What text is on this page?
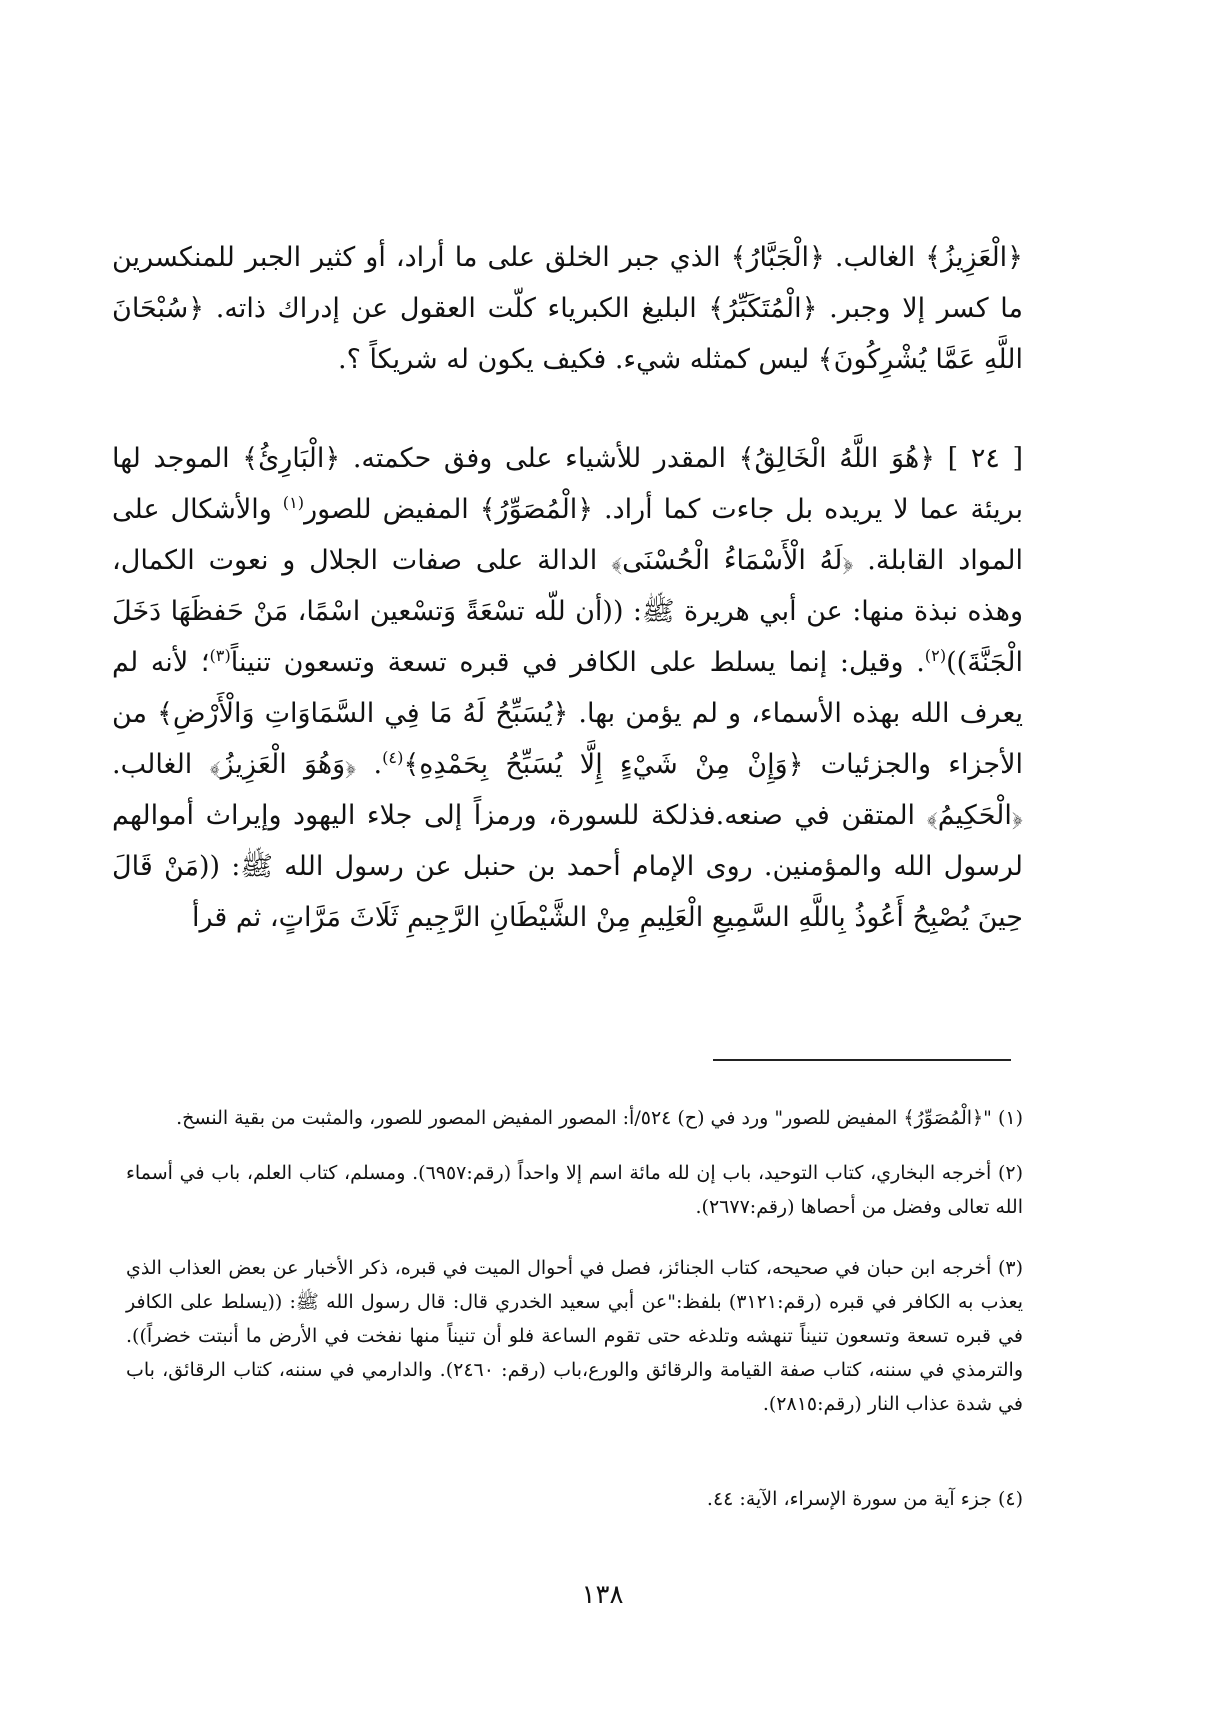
﴿الْعَزِيزُ﴾ الغالب. ﴿الْجَبَّارُ﴾ الذي جبر الخلق على ما أراد، أو كثير الجبر للمنكسرين ما كسر إلا وجبر. ﴿الْمُتَكَبِّرُ﴾ البليغ الكبرياء كلّت العقول عن إدراك ذاته. ﴿سُبْحَانَ اللَّهِ عَمَّا يُشْرِكُونَ﴾ ليس كمثله شيء. فكيف يكون له شريكاً ؟.

[ ٢٤ ] ﴿هُوَ اللَّهُ الْخَالِقُ﴾ المقدر للأشياء على وفق حكمته. ﴿الْبَارِئُ﴾ الموجد لها بريئة عما لا يريده بل جاءت كما أراد. ﴿الْمُصَوِّرُ﴾ المفيض للصور$^{(١)}$ والأشكال على المواد القابلة. ﴿لَهُ الْأَسْمَاءُ الْحُسْنَى﴾ الدالة على صفات الجلال و نعوت الكمال، وهذه نبذة منها: عن أبي هريرة ﷺ: ((أن للّه تسْعَةً وَتسْعين اسْمًا، مَنْ حَفظَهَا دَخَلَ الْجَنَّةَ))$^{(٢)}$. وقيل: إنما يسلط على الكافر في قبره تسعة وتسعون تنيناً$^{(٣)}$؛ لأنه لم يعرف الله بهذه الأسماء، و لم يؤمن بها. ﴿يُسَبِّحُ لَهُ مَا فِي السَّمَاوَاتِ وَالْأَرْضِ﴾ من الأجزاء والجزئيات ﴿وَإِنْ مِنْ شَيْءٍ إِلَّا يُسَبِّحُ بِحَمْدِهِ﴾$^{(٤)}$. ﴿وَهُوَ الْعَزِيزُ﴾ الغالب. ﴿الْحَكِيمُ﴾ المتقن في صنعه.فذلكة للسورة، ورمزاً إلى جلاء اليهود وإيراث أموالهم لرسول الله والمؤمنين. روى الإمام أحمد بن حنبل عن رسول الله ﷺ: ((مَنْ قَالَ حِينَ يُصْبِحُ أَعُوذُ بِاللَّهِ السَّمِيعِ الْعَلِيمِ مِنْ الشَّيْطَانِ الرَّجِيمِ ثَلَاثَ مَرَّاتٍ، ثم قرأ

(١) "﴿الْمُصَوِّرُ﴾ المفيض للصور" ورد في (ح) ٥٢٤/أ: المصور المفيض المصور للصور، والمثبت من بقية النسخ.

(٢) أخرجه البخاري، كتاب التوحيد، باب إن لله مائة اسم إلا واحداً (رقم:٦٩٥٧). ومسلم، كتاب العلم، باب في أسماء الله تعالى وفضل من أحصاها (رقم:٢٦٧٧).

(٣) أخرجه ابن حبان في صحيحه، كتاب الجنائز، فصل في أحوال الميت في قبره، ذكر الأخبار عن بعض العذاب الذي يعذب به الكافر في قبره (رقم:٣١٢١) بلفظ:"عن أبي سعيد الخدري قال: قال رسول الله ﷺ: ((يسلط على الكافر في قبره تسعة وتسعون تنيناً تنهشه وتلدغه حتى تقوم الساعة فلو أن تنيناً منها نفخت في الأرض ما أنبتت خضراً)). والترمذي في سننه، كتاب صفة القيامة والرقائق والورع،باب (رقم: ٢٤٦٠). والدارمي في سننه، كتاب الرقائق، باب في شدة عذاب النار (رقم:٢٨١٥).

(٤) جزء آية من سورة الإسراء، الآية: ٤٤.

١٣٨
